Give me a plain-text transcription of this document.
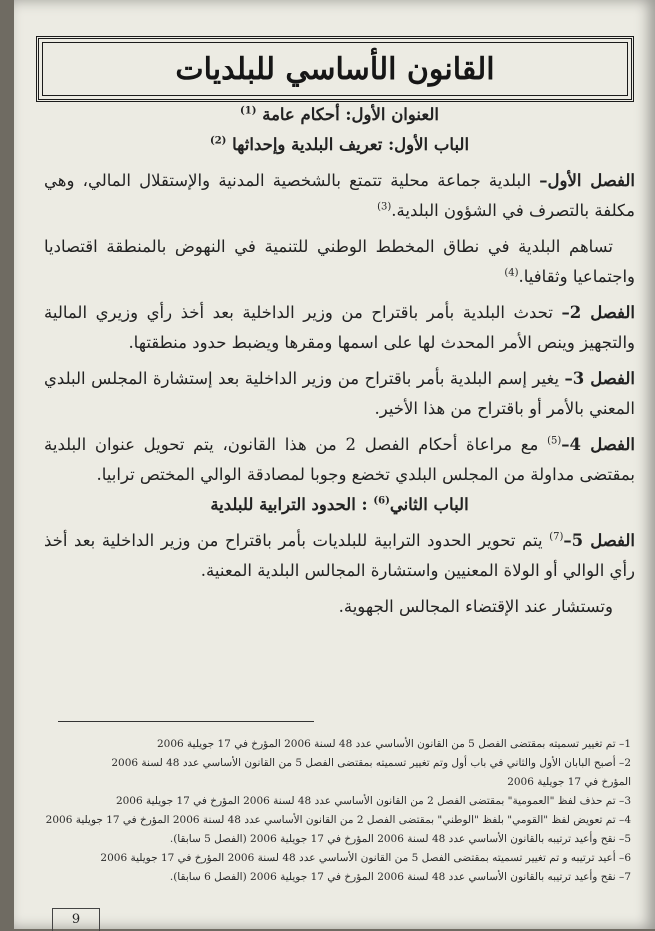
القانون الأساسي للبلديات

العنوان الأول: أحكام عامة $^{(1)}$

الباب الأول: تعريف البلدية وإحداثها $^{(2)}$

الفصل الأول– البلدية جماعة محلية تتمتع بالشخصية المدنية والإستقلال المالي، وهي مكلفة بالتصرف في الشؤون البلدية.$^{(3)}$

تساهم البلدية في نطاق المخطط الوطني للتنمية في النهوض بالمنطقة اقتصاديا واجتماعيا وثقافيا.$^{(4)}$

الفصل 2– تحدث البلدية بأمر باقتراح من وزير الداخلية بعد أخذ رأي وزيري المالية والتجهيز وينص الأمر المحدث لها على اسمها ومقرها ويضبط حدود منطقتها.

الفصل 3– يغير إسم البلدية بأمر باقتراح من وزير الداخلية بعد إستشارة المجلس البلدي المعني بالأمر أو باقتراح من هذا الأخير.

الفصل 4–$^{(5)}$ مع مراعاة أحكام الفصل 2 من هذا القانون، يتم تحويل عنوان البلدية بمقتضى مداولة من المجلس البلدي تخضع وجوبا لمصادقة الوالي المختص ترابيا.

الباب الثاني$^{(6)}$ : الحدود الترابية للبلدية

الفصل 5–$^{(7)}$ يتم تحوير الحدود الترابية للبلديات بأمر باقتراح من وزير الداخلية بعد أخذ رأي الوالي أو الولاة المعنيين واستشارة المجالس البلدية المعنية.

وتستشار عند الإقتضاء المجالس الجهوية.

1– تم تغيير تسميته بمقتضى الفصل 5 من القانون الأساسي عدد 48 لسنة 2006 المؤرخ في 17 جويلية 2006

2– أصبح البابان الأول والثاني في باب أول وتم تغيير تسميته بمقتضى الفصل 5 من القانون الأساسي عدد 48 لسنة 2006

المؤرخ في 17 جويلية 2006

3– تم حذف لفظ "العمومية" بمقتضى الفصل 2 من القانون الأساسي عدد 48 لسنة 2006 المؤرخ في 17 جويلية 2006

4– تم تعويض لفظ "القومي" بلفظ "الوطني" بمقتضى الفصل 2 من القانون الأساسي عدد 48 لسنة 2006 المؤرخ في 17 جويلية 2006

5– نقح وأعيد ترتيبه بالقانون الأساسي عدد 48 لسنة 2006 المؤرخ في 17 جويلية 2006 (الفصل 5 سابقا).

6– أعيد ترتيبه و تم تغيير تسميته بمقتضى الفصل 5 من القانون الأساسي عدد 48 لسنة 2006 المؤرخ في 17 جويلية 2006

7– نقح وأعيد ترتيبه بالقانون الأساسي عدد 48 لسنة 2006 المؤرخ في 17 جويلية 2006 (الفصل 6 سابقا).

9
